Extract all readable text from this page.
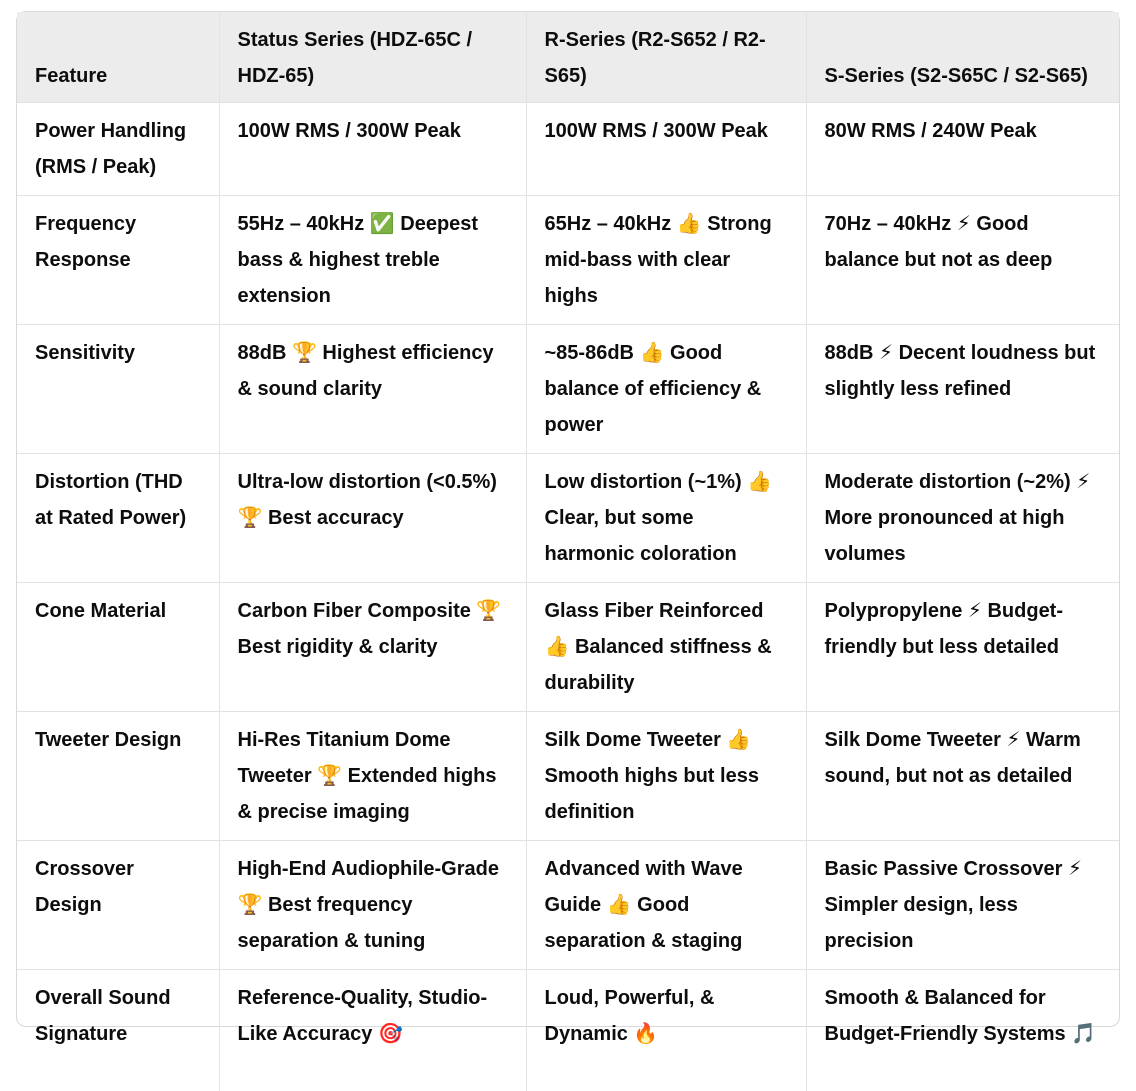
Feature	Status Series (HDZ-65C / HDZ-65)	R-Series (R2-S652 / R2-S65)	S-Series (S2-S65C / S2-S65)
Power Handling (RMS / Peak)	100W RMS / 300W Peak	100W RMS / 300W Peak	80W RMS / 240W Peak
Frequency Response	55Hz – 40kHz ✅ Deepest bass & highest treble extension	65Hz – 40kHz 👍 Strong mid-bass with clear highs	70Hz – 40kHz ⚡ Good balance but not as deep
Sensitivity	88dB 🏆 Highest efficiency & sound clarity	~85-86dB 👍 Good balance of efficiency & power	88dB ⚡ Decent loudness but slightly less refined
Distortion (THD at Rated Power)	Ultra-low distortion (<0.5%) 🏆 Best accuracy	Low distortion (~1%) 👍 Clear, but some harmonic coloration	Moderate distortion (~2%) ⚡ More pronounced at high volumes
Cone Material	Carbon Fiber Composite 🏆 Best rigidity & clarity	Glass Fiber Reinforced 👍 Balanced stiffness & durability	Polypropylene ⚡ Budget-friendly but less detailed
Tweeter Design	Hi-Res Titanium Dome Tweeter 🏆 Extended highs & precise imaging	Silk Dome Tweeter 👍 Smooth highs but less definition	Silk Dome Tweeter ⚡ Warm sound, but not as detailed
Crossover Design	High-End Audiophile-Grade 🏆 Best frequency separation & tuning	Advanced with Wave Guide 👍 Good separation & staging	Basic Passive Crossover ⚡ Simpler design, less precision
Overall Sound Signature	Reference-Quality, Studio-Like Accuracy 🎯	Loud, Powerful, & Dynamic 🔥	Smooth & Balanced for Budget-Friendly Systems 🎵
